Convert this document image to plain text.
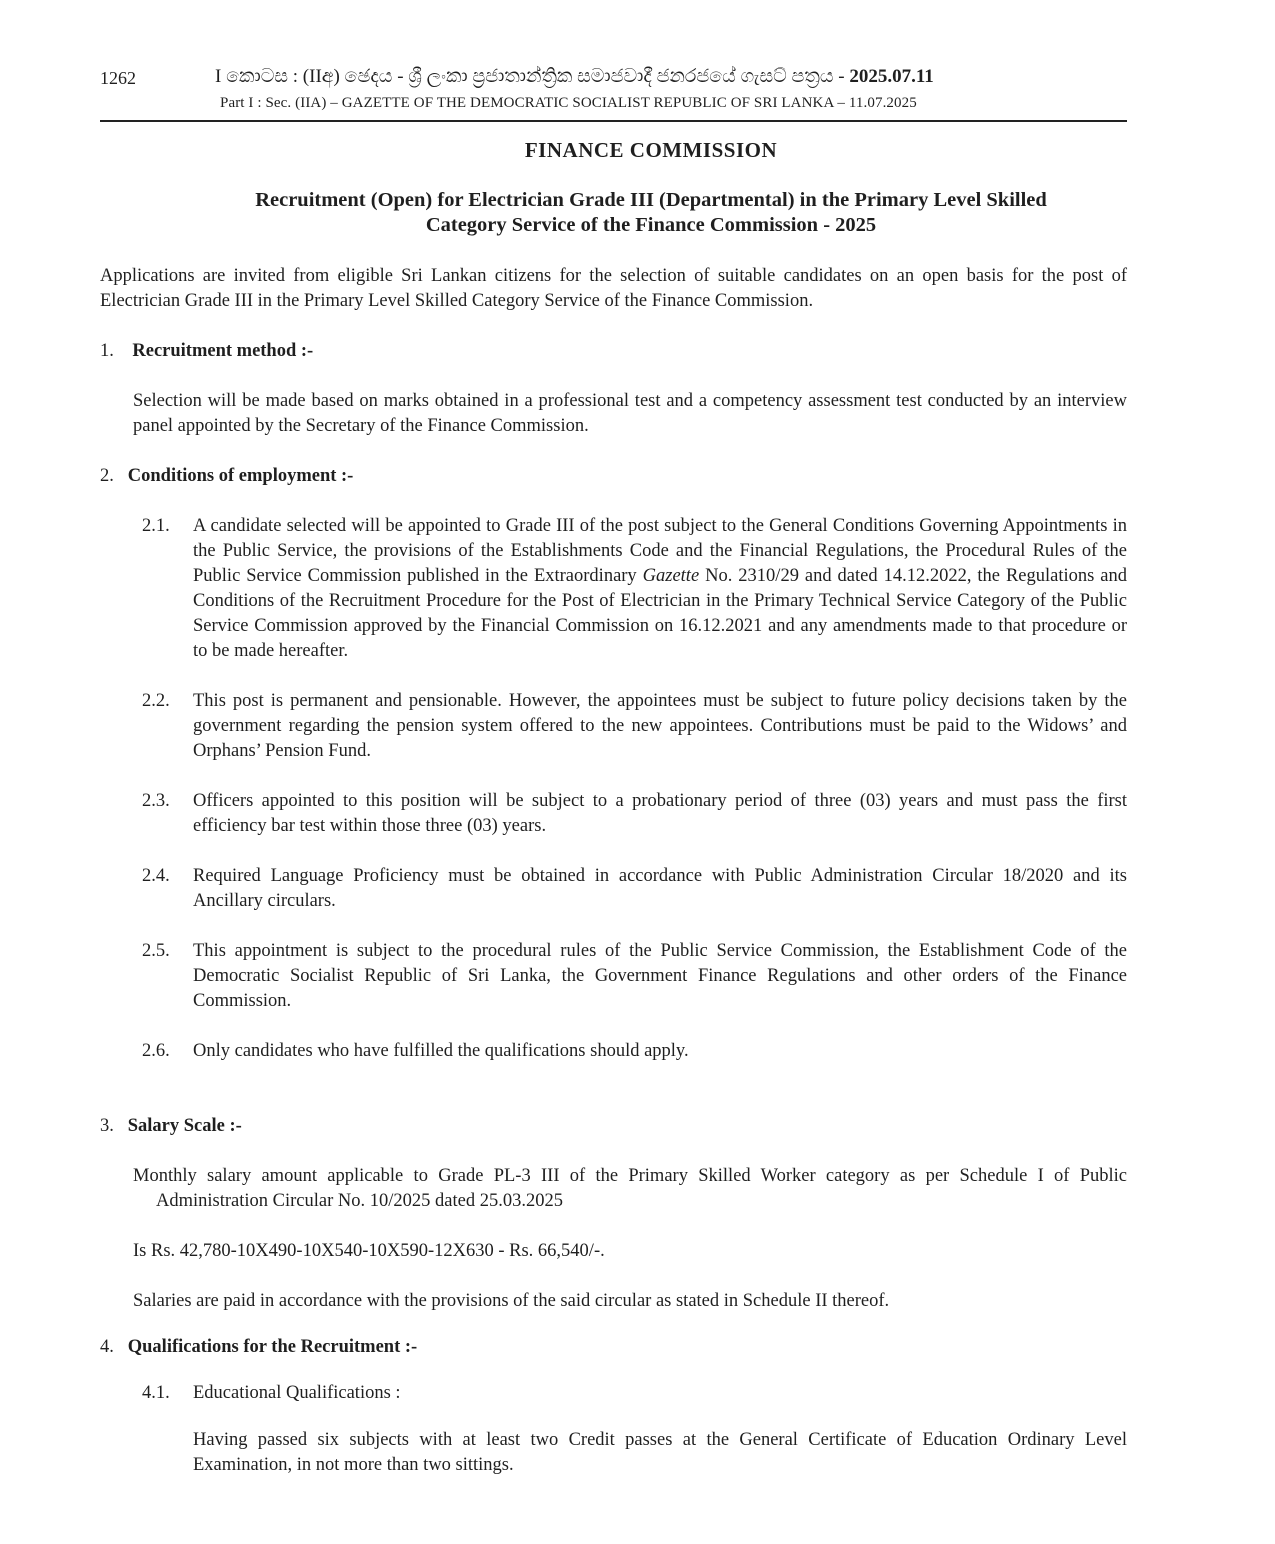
1262	I කොටස : (IIඅ) ඡෙදය - ශ්‍රී ලංකා ප්‍රජාතාන්ත්‍රික සමාජවාදී ජනරජයේ ගැසට් පත්‍රය - 2025.07.11
Part I : Sec. (IIA) – GAZETTE OF THE DEMOCRATIC SOCIALIST REPUBLIC OF SRI LANKA – 11.07.2025
FINANCE COMMISSION
Recruitment (Open) for Electrician Grade III (Departmental) in the Primary Level Skilled
Category Service of the Finance Commission - 2025
Applications are invited from eligible Sri Lankan citizens for the selection of suitable candidates on an open basis for the post of Electrician Grade III in the Primary Level Skilled Category Service of the Finance Commission.
1. Recruitment method :-
Selection will be made based on marks obtained in a professional test and a competency assessment test conducted by an interview panel appointed by the Secretary of the Finance Commission.
2. Conditions of employment :-
2.1. A candidate selected will be appointed to Grade III of the post subject to the General Conditions Governing Appointments in the Public Service, the provisions of the Establishments Code and the Financial Regulations, the Procedural Rules of the Public Service Commission published in the Extraordinary Gazette No. 2310/29 and dated 14.12.2022, the Regulations and Conditions of the Recruitment Procedure for the Post of Electrician in the Primary Technical Service Category of the Public Service Commission approved by the Financial Commission on 16.12.2021 and any amendments made to that procedure or to be made hereafter.
2.2. This post is permanent and pensionable. However, the appointees must be subject to future policy decisions taken by the government regarding the pension system offered to the new appointees. Contributions must be paid to the Widows’ and Orphans’ Pension Fund.
2.3. Officers appointed to this position will be subject to a probationary period of three (03) years and must pass the first efficiency bar test within those three (03) years.
2.4. Required Language Proficiency must be obtained in accordance with Public Administration Circular 18/2020 and its Ancillary circulars.
2.5. This appointment is subject to the procedural rules of the Public Service Commission, the Establishment Code of the Democratic Socialist Republic of Sri Lanka, the Government Finance Regulations and other orders of the Finance Commission.
2.6. Only candidates who have fulfilled the qualifications should apply.
3. Salary Scale :-
Monthly salary amount applicable to Grade PL-3 III of the Primary Skilled Worker category as per Schedule I of Public Administration Circular No. 10/2025 dated 25.03.2025
Is Rs. 42,780-10X490-10X540-10X590-12X630 - Rs. 66,540/-.
Salaries are paid in accordance with the provisions of the said circular as stated in Schedule II thereof.
4. Qualifications for the Recruitment :-
4.1. Educational Qualifications :
Having passed six subjects with at least two Credit passes at the General Certificate of Education Ordinary Level Examination, in not more than two sittings.
